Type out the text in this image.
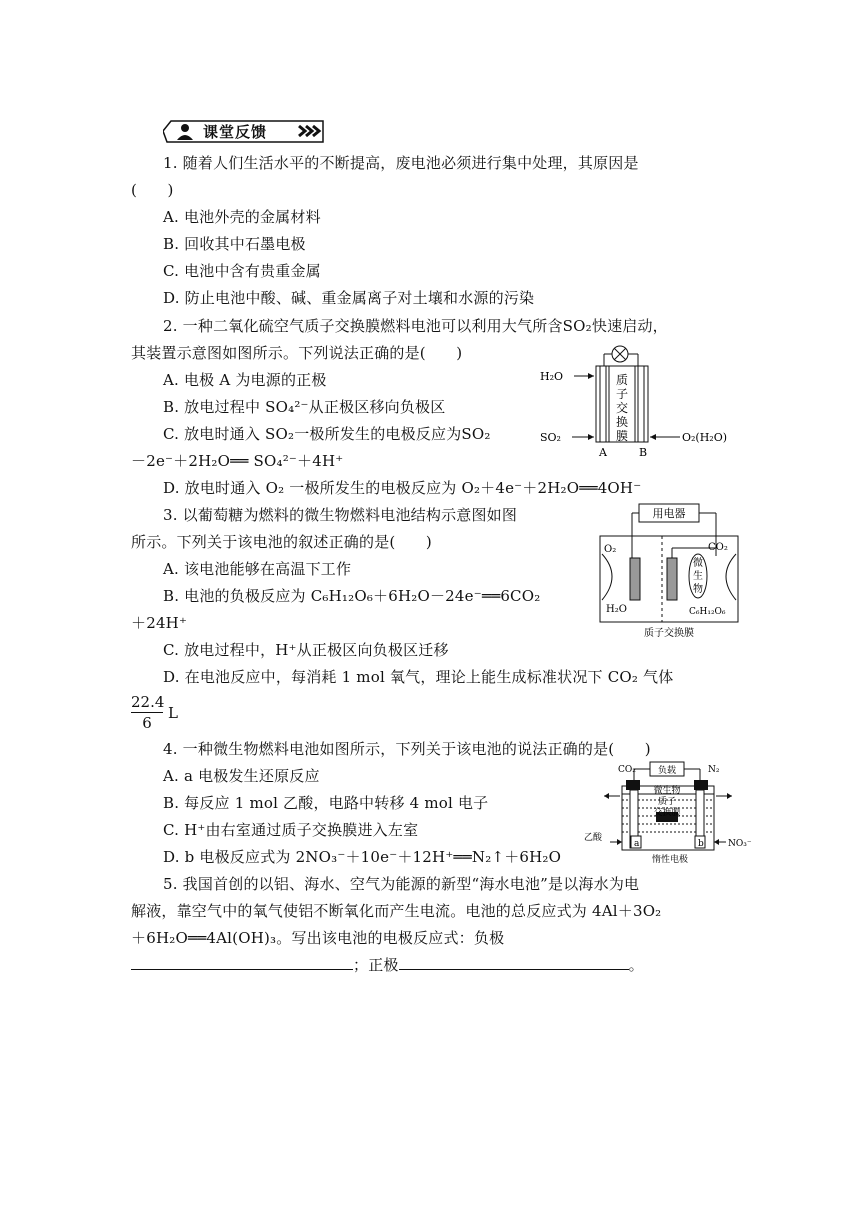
课堂反馈
1. 随着人们生活水平的不断提高，废电池必须进行集中处理，其原因是
(　　)
A. 电池外壳的金属材料
B. 回收其中石墨电极
C. 电池中含有贵重金属
D. 防止电池中酸、碱、重金属离子对土壤和水源的污染
2. 一种二氧化硫空气质子交换膜燃料电池可以利用大气所含SO₂快速启动，
其装置示意图如图所示。下列说法正确的是(　　)
A. 电极 A 为电源的正极
B. 放电过程中 SO₄²⁻从正极区移向负极区
C. 放电时通入 SO₂一极所发生的电极反应为SO₂
－2e⁻＋2H₂O══ SO₄²⁻＋4H⁺
D. 放电时通入 O₂ 一极所发生的电极反应为 O₂＋4e⁻＋2H₂O══4OH⁻
质
子
交
换
膜
H₂O
SO₂	O₂(H₂O)
A	B
3. 以葡萄糖为燃料的微生物燃料电池结构示意图如图
所示。下列关于该电池的叙述正确的是(　　)
A. 该电池能够在高温下工作
B. 电池的负极反应为 C₆H₁₂O₆＋6H₂O－24e⁻══6CO₂
＋24H⁺
C. 放电过程中，H⁺从正极区向负极区迁移
D. 在电池反应中，每消耗 1 mol 氧气，理论上能生成标准状况下 CO₂ 气体
$\frac{22.4}{6}$ L
用电器
微
生
物
O₂
H₂O
CO₂
C₆H₁₂O₆
质子交换膜
4. 一种微生物燃料电池如图所示，下列关于该电池的说法正确的是(　　)
A. a 电极发生还原反应
B. 每反应 1 mol 乙酸，电路中转移 4 mol 电子
C. H⁺由右室通过质子交换膜进入左室
D. b 电极反应式为 2NO₃⁻＋10e⁻＋12H⁺══N₂↑＋6H₂O
CO₂	N₂
负载
微生物
质子
交换膜
a	b
乙酸
NO₃⁻
惰性电极
5. 我国首创的以铝、海水、空气为能源的新型“海水电池”是以海水为电
解液，靠空气中的氧气使铝不断氧化而产生电流。电池的总反应式为 4Al＋3O₂
＋6H₂O══4Al(OH)₃。写出该电池的电极反应式：负极
；正极	。
